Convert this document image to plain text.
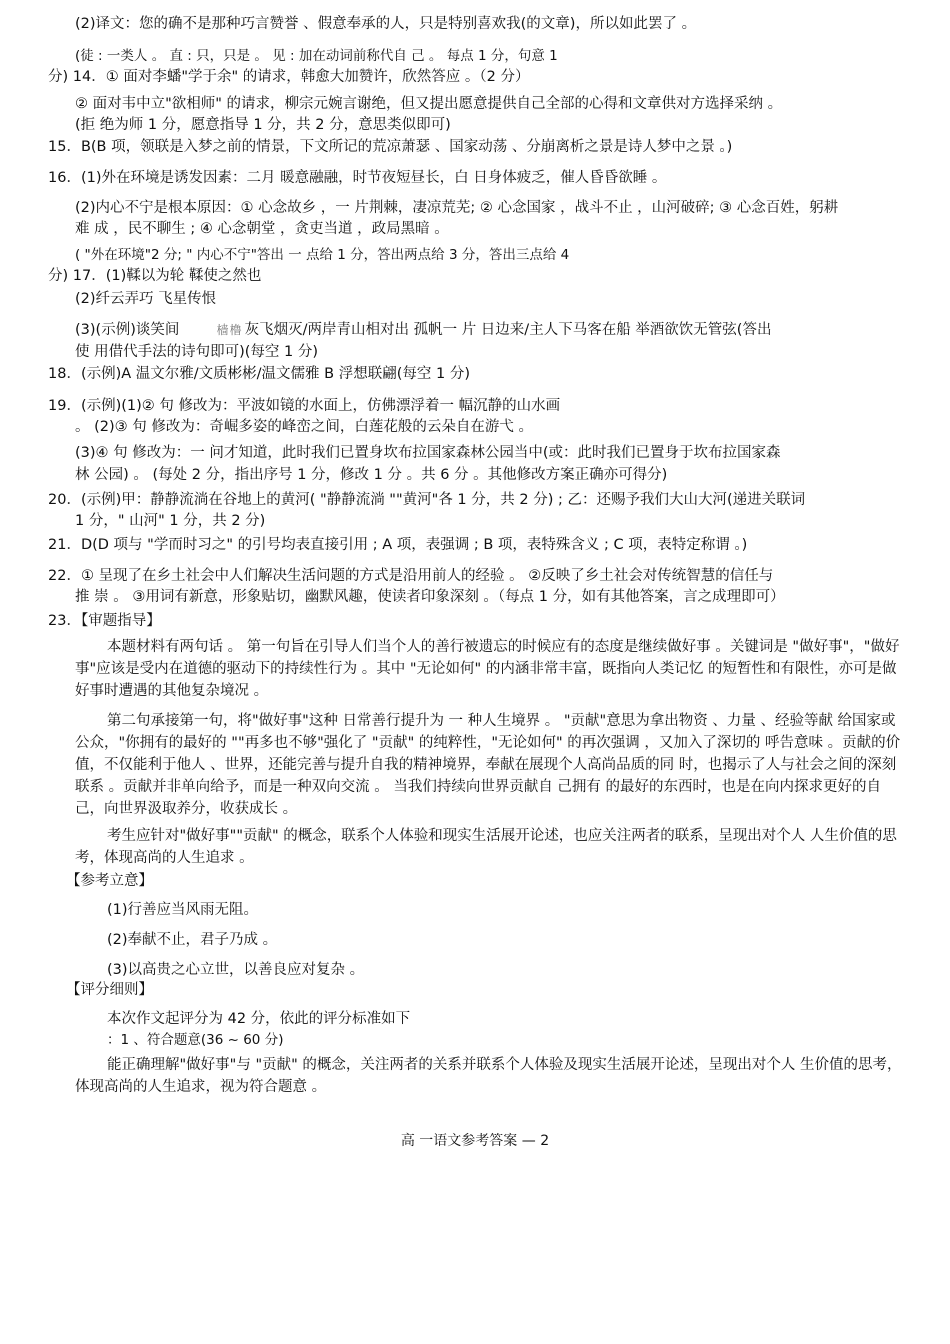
(2)译文：您的确不是那种巧言赞誉 、假意奉承的人，只是特别喜欢我(的文章)，所以如此罢了 。
(徒 : 一类人 。 直 : 只，只是 。 见 : 加在动词前称代自 己 。 每点 1 分，句意 1
分) 14．① 面对李蟠"学于余" 的请求，韩愈大加赞许，欣然答应 。（2 分）
② 面对韦中立"欲相师" 的请求，柳宗元婉言谢绝，但又提出愿意提供自己全部的心得和文章供对方选择采纳 。
(拒 绝为师 1 分，愿意指导 1 分，共 2 分，意思类似即可)
15．B(B 项，领联是入梦之前的情景，下文所记的荒凉萧瑟 、国家动荡 、分崩离析之景是诗人梦中之景 。)
16．(1)外在环境是诱发因素：二月 暖意融融，时节夜短昼长，白 日身体疲乏，催人昏昏欲睡 。
(2)内心不宁是根本原因：① 心念故乡 ，一 片荆棘，凄凉荒芜; ② 心念国家 ，战斗不止 ，山河破碎; ③ 心念百姓，躬耕
难 成 ，民不聊生 ; ④ 心念朝堂 ，贪吏当道 ，政局黑暗 。
( "外在环境"2 分; " 内心不宁"答出 一 点给 1 分，答出两点给 3 分，答出三点给 4
分) 17．(1)鞣以为轮 鞣使之然也
(2)纤云弄巧 飞星传恨
(3)(示例)谈笑间	樯橹 灰飞烟灭/两岸青山相对出 孤帆一 片 日边来/主人下马客在船 举酒欲饮无管弦(答出
使 用借代手法的诗句即可)(每空 1 分)
18．(示例)A 温文尔雅/文质彬彬/温文儒雅 B 浮想联翩(每空 1 分)
19．(示例)(1)② 句 修改为：平波如镜的水面上，仿佛漂浮着一 幅沉静的山水画
。 (2)③ 句 修改为：奇崛多姿的峰峦之间，白莲花般的云朵自在游弋 。
(3)④ 句 修改为：一 问才知道，此时我们已置身坎布拉国家森林公园当中(或：此时我们已置身于坎布拉国家森
林 公园) 。 (每处 2 分，指出序号 1 分，修改 1 分 。共 6 分 。其他修改方案正确亦可得分)
20．(示例)甲：静静流淌在谷地上的黄河( "静静流淌 ""黄河"各 1 分，共 2 分) ; 乙：还赐予我们大山大河(递进关联词
1 分，" 山河" 1 分，共 2 分)
21．D(D 项与 "学而时习之" 的引号均表直接引用 ; A 项，表强调 ; B 项，表特殊含义 ; C 项，表特定称谓 。)
22．① 呈现了在乡土社会中人们解决生活问题的方式是沿用前人的经验 。 ②反映了乡土社会对传统智慧的信任与
推 崇 。 ③用词有新意，形象贴切，幽默风趣，使读者印象深刻 。（每点 1 分，如有其他答案，言之成理即可）
23．【审题指导】
本题材料有两句话 。 第一句旨在引导人们当个人的善行被遗忘的时候应有的态度是继续做好事 。关键词是 "做好事"，"做好事"应该是受内在道德的驱动下的持续性行为 。其中 "无论如何" 的内涵非常丰富，既指向人类记忆 的短暂性和有限性，亦可是做好事时遭遇的其他复杂境况 。
第二句承接第一句，将"做好事"这种 日常善行提升为 一 种人生境界 。 "贡献"意思为拿出物资 、力量 、经验等献 给国家或公众，"你拥有的最好的 ""再多也不够"强化了 "贡献" 的纯粹性，"无论如何" 的再次强调 ，又加入了深切的 呼告意味 。贡献的价值，不仅能利于他人 、世界，还能完善与提升自我的精神境界，奉献在展现个人高尚品质的同 时，也揭示了人与社会之间的深刻联系 。贡献并非单向给予，而是一种双向交流 。 当我们持续向世界贡献自 己拥有 的最好的东西时，也是在向内探求更好的自 己，向世界汲取养分，收获成长 。
考生应针对"做好事""贡献" 的概念，联系个人体验和现实生活展开论述，也应关注两者的联系，呈现出对个人 人生价值的思考，体现高尚的人生追求 。
【参考立意】
(1)行善应当风雨无阻。
(2)奉献不止，君子乃成 。
(3)以高贵之心立世，以善良应对复杂 。
【评分细则】
本次作文起评分为 42 分，依此的评分标准如下
：1 、符合题意(36 ~ 60 分)
能正确理解"做好事"与 "贡献" 的概念，关注两者的关系并联系个人体验及现实生活展开论述，呈现出对个人 生价值的思考，体现高尚的人生追求，视为符合题意 。
高 一语文参考答案 — 2
